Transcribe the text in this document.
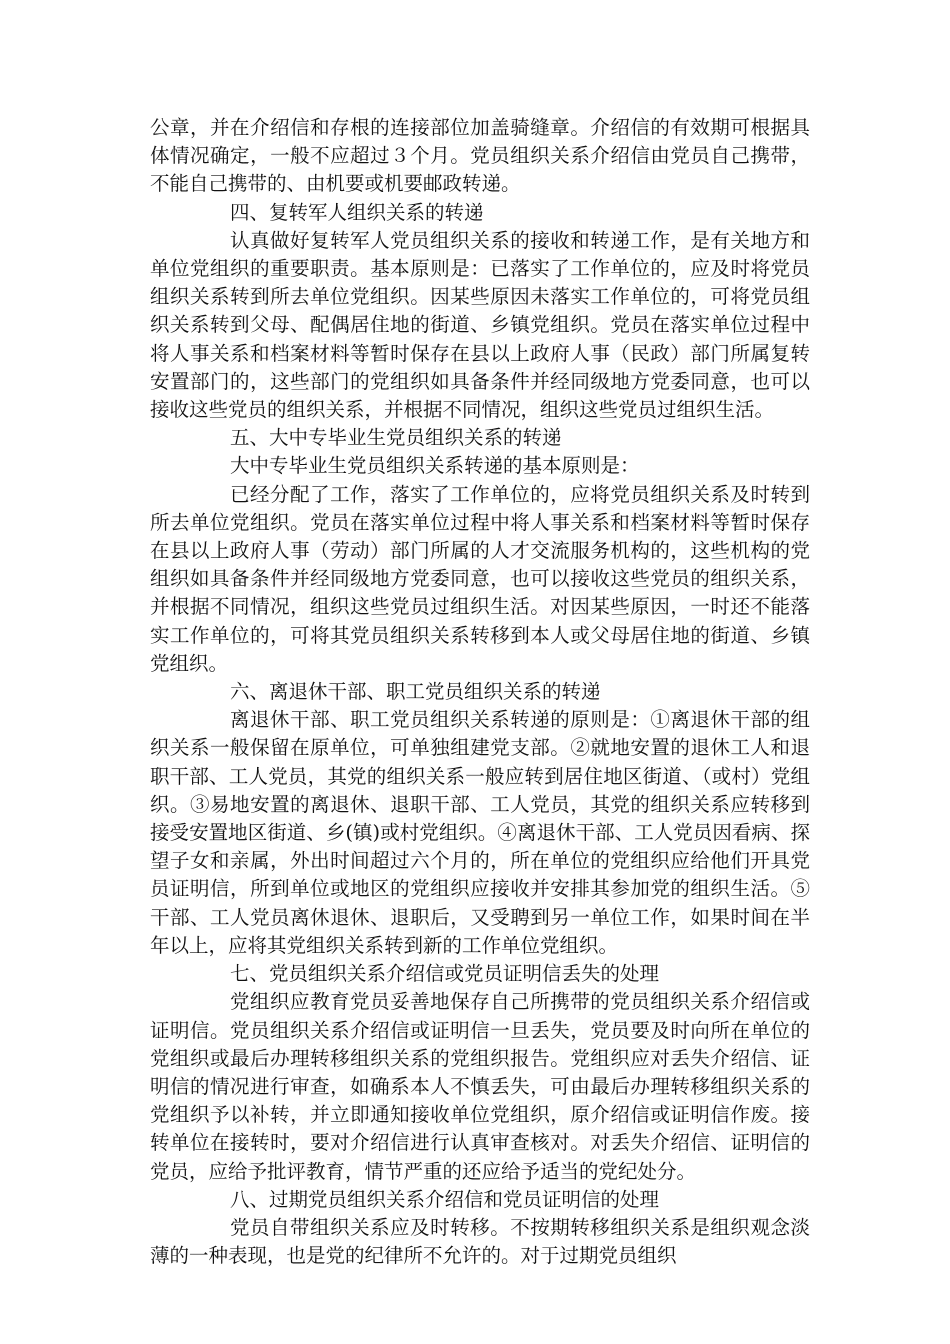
公章，并在介绍信和存根的连接部位加盖骑缝章。介绍信的有效期可根据具体情况确定，一般不应超过３个月。党员组织关系介绍信由党员自己携带，不能自己携带的、由机要或机要邮政转递。

四、复转军人组织关系的转递

认真做好复转军人党员组织关系的接收和转递工作，是有关地方和单位党组织的重要职责。基本原则是：已落实了工作单位的，应及时将党员组织关系转到所去单位党组织。因某些原因未落实工作单位的，可将党员组织关系转到父母、配偶居住地的街道、乡镇党组织。党员在落实单位过程中将人事关系和档案材料等暂时保存在县以上政府人事（民政）部门所属复转安置部门的，这些部门的党组织如具备条件并经同级地方党委同意，也可以接收这些党员的组织关系，并根据不同情况，组织这些党员过组织生活。

五、大中专毕业生党员组织关系的转递

大中专毕业生党员组织关系转递的基本原则是：

已经分配了工作，落实了工作单位的，应将党员组织关系及时转到所去单位党组织。党员在落实单位过程中将人事关系和档案材料等暂时保存在县以上政府人事（劳动）部门所属的人才交流服务机构的，这些机构的党组织如具备条件并经同级地方党委同意，也可以接收这些党员的组织关系，并根据不同情况，组织这些党员过组织生活。对因某些原因，一时还不能落实工作单位的，可将其党员组织关系转移到本人或父母居住地的街道、乡镇党组织。

六、离退休干部、职工党员组织关系的转递

离退休干部、职工党员组织关系转递的原则是：①离退休干部的组织关系一般保留在原单位，可单独组建党支部。②就地安置的退休工人和退职干部、工人党员，其党的组织关系一般应转到居住地区街道、（或村）党组织。③易地安置的离退休、退职干部、工人党员，其党的组织关系应转移到接受安置地区街道、乡(镇)或村党组织。④离退休干部、工人党员因看病、探望子女和亲属，外出时间超过六个月的，所在单位的党组织应给他们开具党员证明信，所到单位或地区的党组织应接收并安排其参加党的组织生活。⑤干部、工人党员离休退休、退职后，又受聘到另一单位工作，如果时间在半年以上，应将其党组织关系转到新的工作单位党组织。

七、党员组织关系介绍信或党员证明信丢失的处理

党组织应教育党员妥善地保存自己所携带的党员组织关系介绍信或证明信。党员组织关系介绍信或证明信一旦丢失，党员要及时向所在单位的党组织或最后办理转移组织关系的党组织报告。党组织应对丢失介绍信、证明信的情况进行审查，如确系本人不慎丢失，可由最后办理转移组织关系的党组织予以补转，并立即通知接收单位党组织，原介绍信或证明信作废。接转单位在接转时，要对介绍信进行认真审查核对。对丢失介绍信、证明信的党员，应给予批评教育，情节严重的还应给予适当的党纪处分。

八、过期党员组织关系介绍信和党员证明信的处理

党员自带组织关系应及时转移。不按期转移组织关系是组织观念淡薄的一种表现，也是党的纪律所不允许的。对于过期党员组织
